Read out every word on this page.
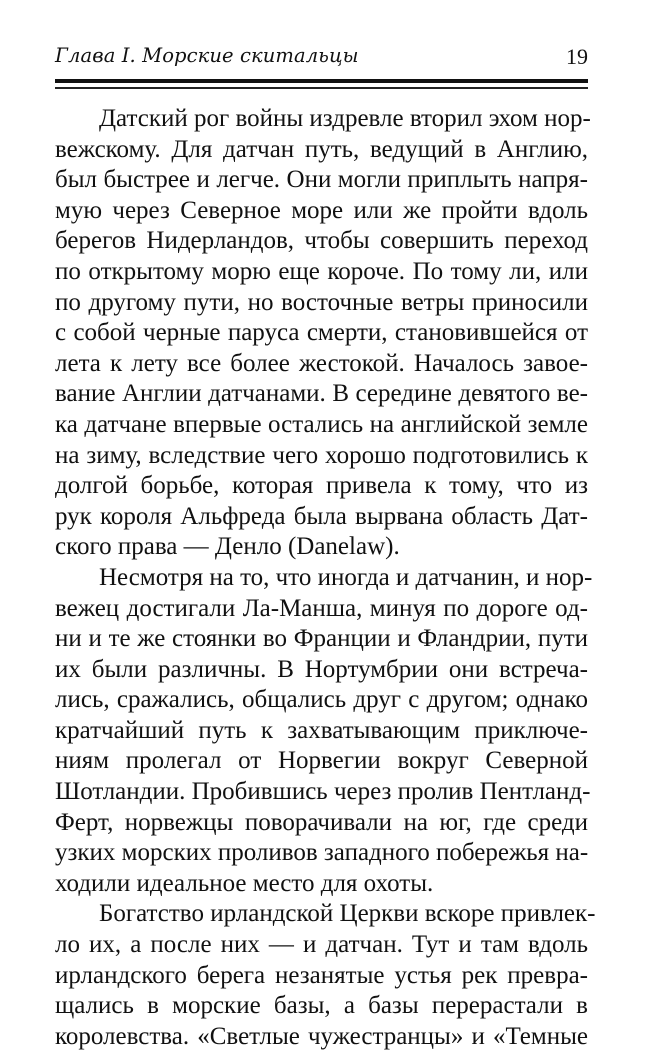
Глава I. Морские скитальцы	19
Датский рог войны издревле вторил эхом нор-
вежскому. Для датчан путь, ведущий в Англию,
был быстрее и легче. Они могли приплыть напря-
мую через Северное море или же пройти вдоль
берегов Нидерландов, чтобы совершить переход
по открытому морю еще короче. По тому ли, или
по другому пути, но восточные ветры приносили
с собой черные паруса смерти, становившейся от
лета к лету все более жестокой. Началось завое-
вание Англии датчанами. В середине девятого ве-
ка датчане впервые остались на английской земле
на зиму, вследствие чего хорошо подготовились к
долгой борьбе, которая привела к тому, что из
рук короля Альфреда была вырвана область Дат-
ского права — Денло (Danelaw).
Несмотря на то, что иногда и датчанин, и нор-
вежец достигали Ла-Манша, минуя по дороге од-
ни и те же стоянки во Франции и Фландрии, пути
их были различны. В Нортумбрии они встреча-
лись, сражались, общались друг с другом; однако
кратчайший путь к захватывающим приключе-
ниям пролегал от Норвегии вокруг Северной
Шотландии. Пробившись через пролив Пентланд-
Ферт, норвежцы поворачивали на юг, где среди
узких морских проливов западного побережья на-
ходили идеальное место для охоты.
Богатство ирландской Церкви вскоре привлек-
ло их, а после них — и датчан. Тут и там вдоль
ирландского берега незанятые устья рек превра-
щались в морские базы, а базы перерастали в
королевства. «Светлые чужестранцы» и «Темные
